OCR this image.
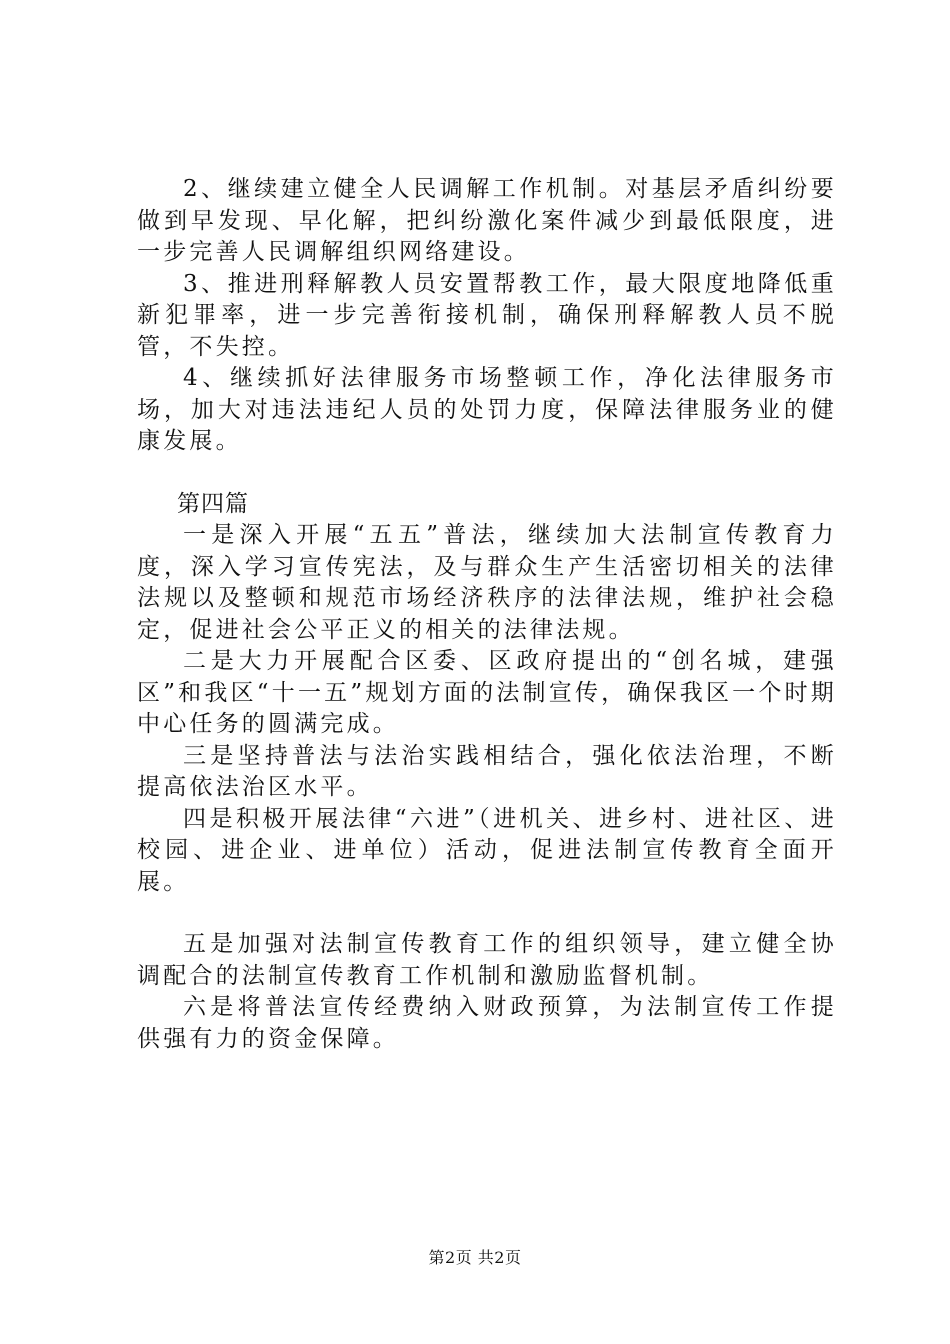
2、继续建立健全人民调解工作机制。对基层矛盾纠纷要做到早发现、早化解，把纠纷激化案件减少到最低限度，进一步完善人民调解组织网络建设。

3、推进刑释解教人员安置帮教工作，最大限度地降低重新犯罪率，进一步完善衔接机制，确保刑释解教人员不脱管，不失控。

4、继续抓好法律服务市场整顿工作，净化法律服务市场，加大对违法违纪人员的处罚力度，保障法律服务业的健康发展。

第四篇

一是深入开展“五五”普法，继续加大法制宣传教育力度，深入学习宣传宪法，及与群众生产生活密切相关的法律法规以及整顿和规范市场经济秩序的法律法规，维护社会稳定，促进社会公平正义的相关的法律法规。

二是大力开展配合区委、区政府提出的“创名城，建强区”和我区“十一五”规划方面的法制宣传，确保我区一个时期中心任务的圆满完成。

三是坚持普法与法治实践相结合，强化依法治理，不断提高依法治区水平。

四是积极开展法律“六进”（进机关、进乡村、进社区、进校园、进企业、进单位）活动，促进法制宣传教育全面开展。

五是加强对法制宣传教育工作的组织领导，建立健全协调配合的法制宣传教育工作机制和激励监督机制。

六是将普法宣传经费纳入财政预算，为法制宣传工作提供强有力的资金保障。

第2页 共2页
